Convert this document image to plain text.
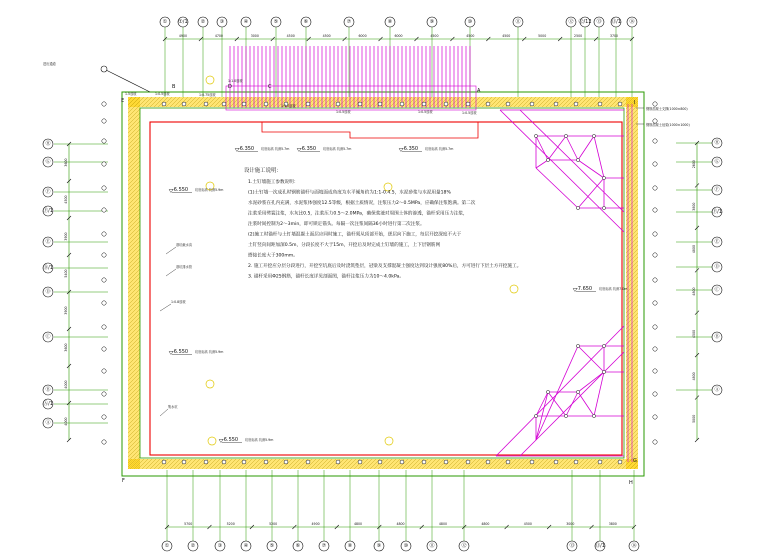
① ①/1	②	③	④	⑤	⑥	⑦	⑧	⑨	⑩	⑪	⑫ ⑫/12 ⑬ ⑬/1 ⑭
①	②	③	④	⑤	⑥	⑦	⑧	⑨	⑩	⑪	⑫	⑬	⑬/1	⑭
Ⓗ
Ⓖ
Ⓕ
Ⓕ/1
Ⓔ
Ⓓ/1
Ⓓ
Ⓒ
Ⓑ
Ⓐ/1
Ⓐ
Ⓗ
Ⓖ
Ⓕ
Ⓕ/1
Ⓔ
Ⓓ
Ⓒ
Ⓑ
Ⓐ
4900	4700	3000	4500	4500	6000	6000	4500	4500	4500	5000	2500	3700
5700	5200	5200	4900	4800	4800	4800	4800	4500	3000	3800
3600
4500
3900
5400
3900
3600
4000
4000
2600
3800
4800
4800
4500
4800
5000
A
I
E
F
G
H
B	C
D
1:0.5放坡	1:0.75放坡
1:1.0放坡
1:1.2放坡
1:0.5放坡	1:0.5放坡	1:0.5放坡
进出通道
基坑截水沟
基坑排水管
1:0.8放坡
1.5放坡
集水坑
钢筋混凝土支撑(1000×800)
钢筋混凝土冠梁(1000×1000)
-6.350 坑底标高 坑深5.7m -6.350 坑底标高 坑深5.7m	-6.350 坑底标高 坑深5.7m
-6.550 坑底标高 坑深5.9m
-6.550 坑底标高 坑深5.9m
-6.550 坑底标高 坑深5.9m
-7.650 坑底标高 坑深7.0m
设计施工说明：
1.土钉墙施工参数说明：
(1)土钉墙一次成孔时钢筋锚杆与面坡面成角度为水平倾角约为1:1-0.4.5，水泥砂浆与水泥用量18%
水泥砂浆在孔内充满，水泥浆体强度12.5等级，根据土质情况，注浆压力2～0.5MPa，应确保注浆饱满。第二次
注浆采用劈裂注浆，水灰比0.5，注浆压力0.5～2.0MPa，确保浆液对周围土体的渗透，锚杆采用压力注浆，
注浆时间控制为2～3min，即可锁定锚头。每隔一次注浆间隔36小时进行第二次注浆。
(2)施工时锚杆与土钉墙混凝土面层应同时施工，锚杆须从顶部开始，逐层向下施工，每层开挖深度不大于
土钉竖向间距加深0.5m，分段长度不大于15m，开挖后及时完成土钉墙的施工，上下层钢筋网
搭接长度大于300mm。
2. 施工开挖应分层分段进行，开挖至坑底后及时浇筑垫层，冠梁及支撑混凝土强度达到设计强度80%后，方可进行下层土方开挖施工。
3. 锚杆采用Φ25钢筋，锚杆长度详见剖面图，锚杆注浆压力为10～4.0kPa。
